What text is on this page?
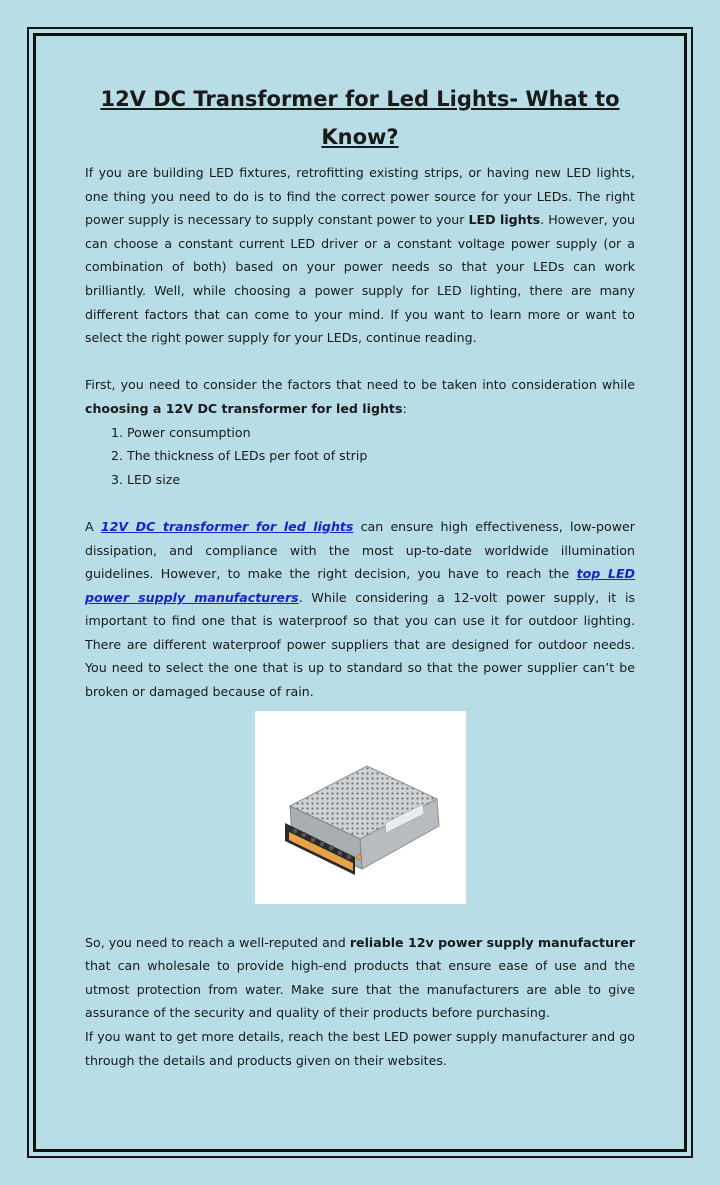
12V DC Transformer for Led Lights- What to Know?

If you are building LED fixtures, retrofitting existing strips, or having new LED lights, one thing you need to do is to find the correct power source for your LEDs. The right power supply is necessary to supply constant power to your LED lights. However, you can choose a constant current LED driver or a constant voltage power supply (or a combination of both) based on your power needs so that your LEDs can work brilliantly. Well, while choosing a power supply for LED lighting, there are many different factors that can come to your mind. If you want to learn more or want to select the right power supply for your LEDs, continue reading.

First, you need to consider the factors that need to be taken into consideration while choosing a 12V DC transformer for led lights:

1. Power consumption
2. The thickness of LEDs per foot of strip
3. LED size

A 12V DC transformer for led lights can ensure high effectiveness, low-power dissipation, and compliance with the most up-to-date worldwide illumination guidelines. However, to make the right decision, you have to reach the top LED power supply manufacturers. While considering a 12-volt power supply, it is important to find one that is waterproof so that you can use it for outdoor lighting. There are different waterproof power suppliers that are designed for outdoor needs. You need to select the one that is up to standard so that the power supplier can’t be broken or damaged because of rain.

So, you need to reach a well-reputed and reliable 12v power supply manufacturer that can wholesale to provide high-end products that ensure ease of use and the utmost protection from water. Make sure that the manufacturers are able to give assurance of the security and quality of their products before purchasing.

If you want to get more details, reach the best LED power supply manufacturer and go through the details and products given on their websites.
